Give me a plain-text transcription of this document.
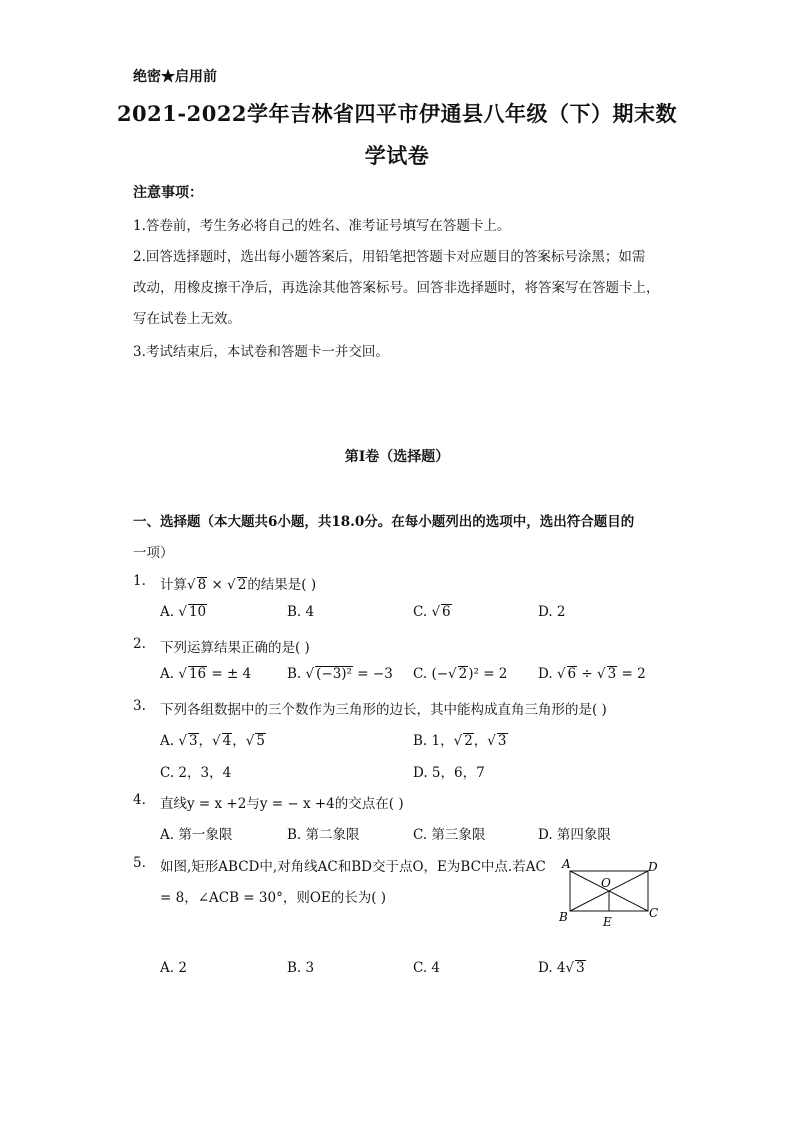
绝密★启用前
2021-2022学年吉林省四平市伊通县八年级（下）期末数
学试卷
注意事项：
1.答卷前，考生务必将自己的姓名、准考证号填写在答题卡上。
2.回答选择题时，选出每小题答案后，用铅笔把答题卡对应题目的答案标号涂黑；如需
改动，用橡皮擦干净后，再选涂其他答案标号。回答非选择题时，将答案写在答题卡上，
写在试卷上无效。
3.考试结束后，本试卷和答题卡一并交回。
第I卷（选择题）
一、选择题（本大题共6小题，共18.0分。在每小题列出的选项中，选出符合题目的
一项）
1. 计算√ 8 × √ 2的结果是( )
A. √ 10	B. 4	C. √ 6	D. 2
2. 下列运算结果正确的是( )
A. √ 16 = ± 4	B. √ (−3)² = −3 C. (−√ 2)² = 2 D. √ 6 ÷ √ 3 = 2
3. 下列各组数据中的三个数作为三角形的边长，其中能构成直角三角形的是( )
A. √ 3，√ 4，√ 5	B. 1，√ 2，√ 3
C. 2，3，4	D. 5，6，7
4. 直线y = x +2与y = − x +4的交点在( )
A. 第一象限	B. 第二象限	C. 第三象限	D. 第四象限
5. 如图,矩形ABCD中,对角线AC和BD交于点O，E为BC中点.若AC
= 8，∠ACB = 30°，则OE的长为( )
A	D
O
B	C
E
A. 2	B. 3	C. 4	D. 4√ 3
